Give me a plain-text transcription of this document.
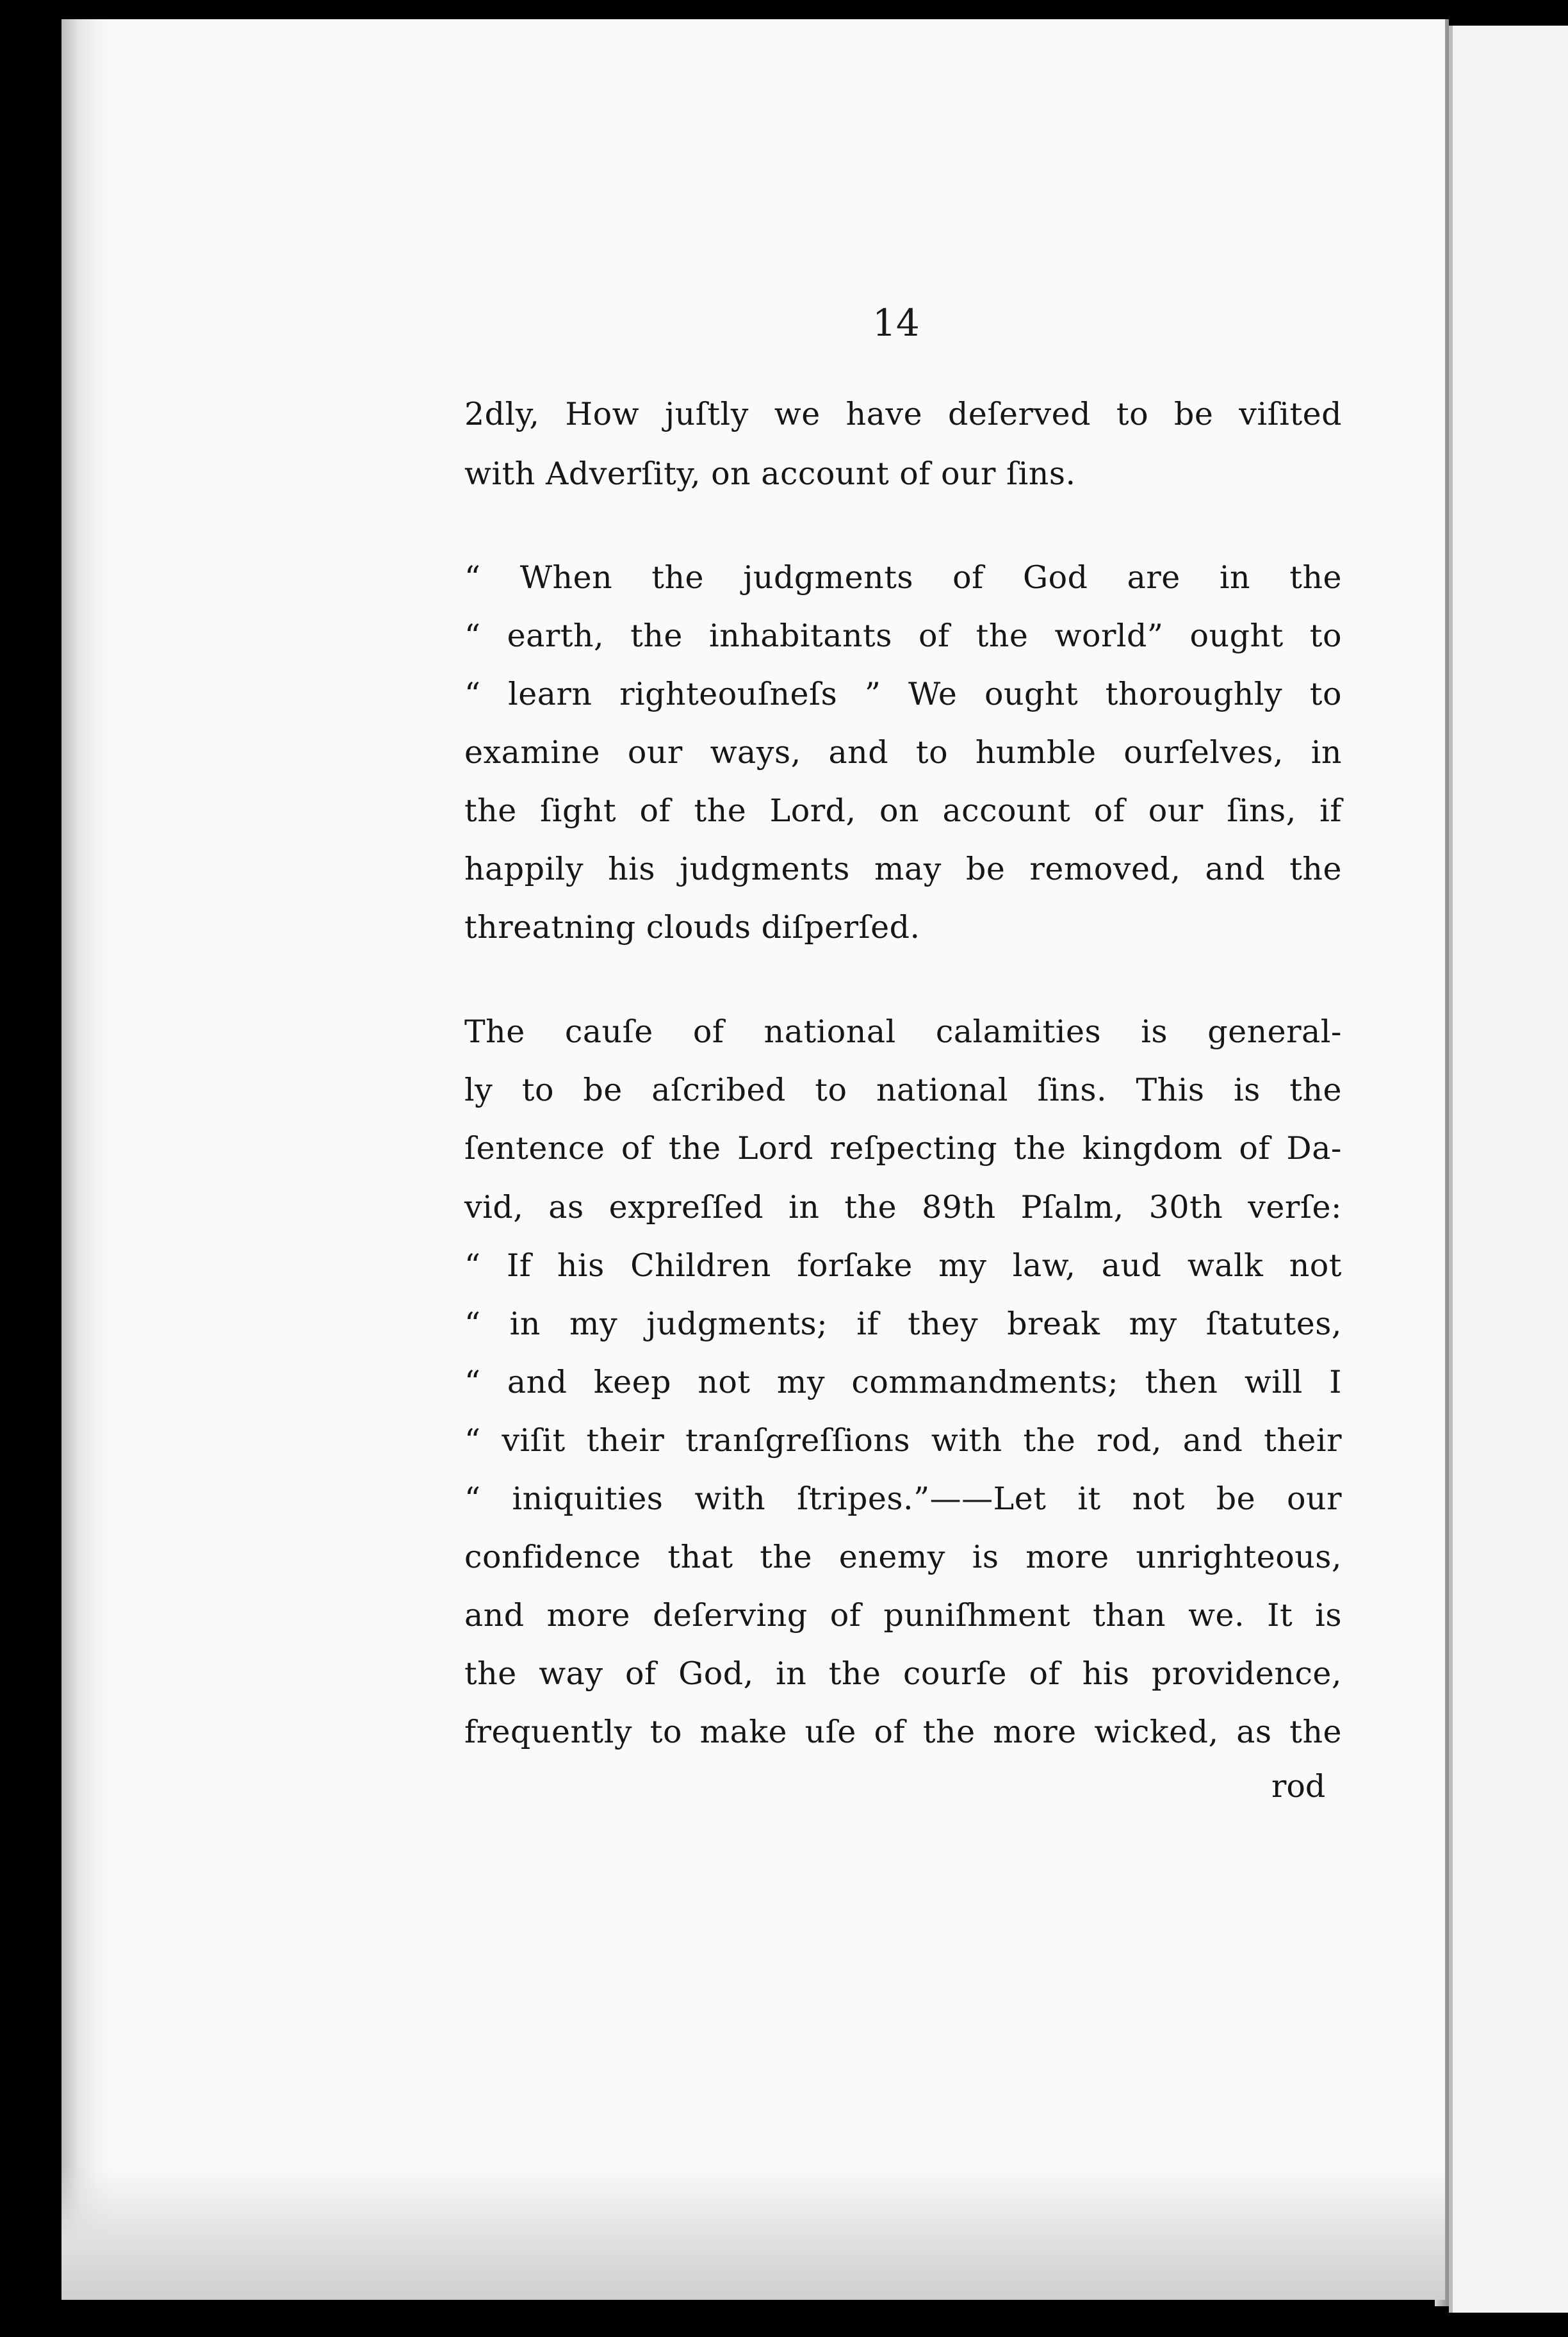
14
2dly, How juſtly we have deſerved to be viſited
with Adverſity, on account of our ſins.
“ When the judgments of God are in the
“ earth, the inhabitants of the world” ought to
“ learn righteouſneſs ” We ought thoroughly to
examine our ways, and to humble ourſelves, in
the ſight of the Lord, on account of our ſins, if
happily his judgments may be removed, and the
threatning clouds diſperſed.
The cauſe of national calamities is general-
ly to be aſcribed to national ſins. This is the
ſentence of the Lord reſpecting the kingdom of Da-
vid, as expreſſed in the 89th Pſalm, 30th verſe:
“ If his Children forſake my law, aud walk not
“ in my judgments; if they break my ſtatutes,
“ and keep not my commandments; then will I
“ viſit their tranſgreſſions with the rod, and their
“ iniquities with ſtripes.”——Let it not be our
confidence that the enemy is more unrighteous,
and more deſerving of puniſhment than we. It is
the way of God, in the courſe of his providence,
frequently to make uſe of the more wicked, as the
rod
